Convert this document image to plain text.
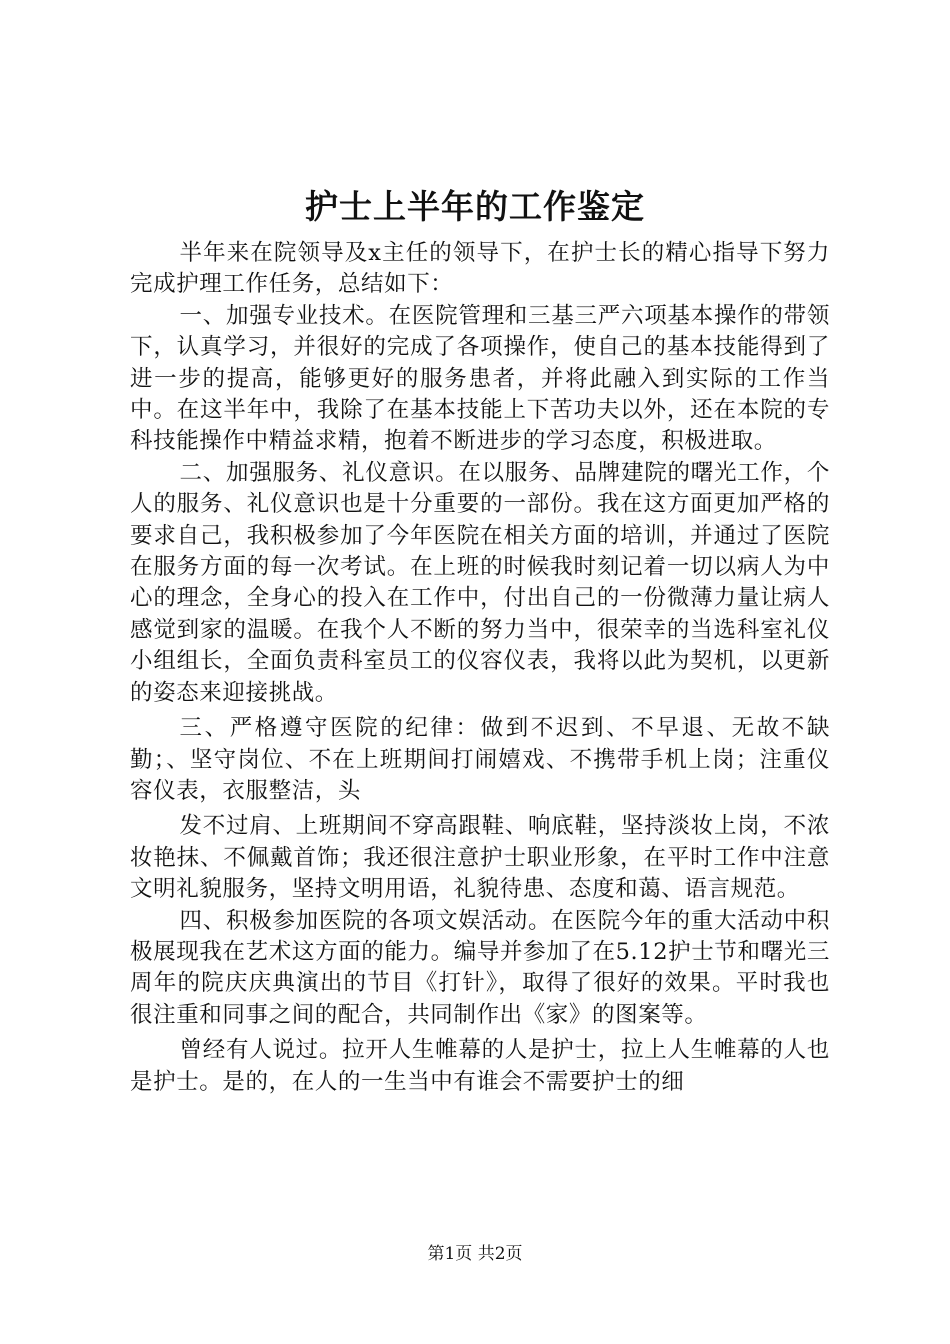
护士上半年的工作鉴定

半年来在院领导及x主任的领导下，在护士长的精心指导下努力完成护理工作任务，总结如下：

一、加强专业技术。在医院管理和三基三严六项基本操作的带领下，认真学习，并很好的完成了各项操作，使自己的基本技能得到了进一步的提高，能够更好的服务患者，并将此融入到实际的工作当中。在这半年中，我除了在基本技能上下苦功夫以外，还在本院的专科技能操作中精益求精，抱着不断进步的学习态度，积极进取。

二、加强服务、礼仪意识。在以服务、品牌建院的曙光工作，个人的服务、礼仪意识也是十分重要的一部份。我在这方面更加严格的要求自己，我积极参加了今年医院在相关方面的培训，并通过了医院在服务方面的每一次考试。在上班的时候我时刻记着一切以病人为中心的理念，全身心的投入在工作中，付出自己的一份微薄力量让病人感觉到家的温暖。在我个人不断的努力当中，很荣幸的当选科室礼仪小组组长，全面负责科室员工的仪容仪表，我将以此为契机，以更新的姿态来迎接挑战。

三、严格遵守医院的纪律：做到不迟到、不早退、无故不缺勤；、坚守岗位、不在上班期间打闹嬉戏、不携带手机上岗；注重仪容仪表，衣服整洁，头

发不过肩、上班期间不穿高跟鞋、响底鞋，坚持淡妆上岗，不浓妆艳抹、不佩戴首饰；我还很注意护士职业形象，在平时工作中注意文明礼貌服务，坚持文明用语，礼貌待患、态度和蔼、语言规范。

四、积极参加医院的各项文娱活动。在医院今年的重大活动中积极展现我在艺术这方面的能力。编导并参加了在5.12护士节和曙光三周年的院庆庆典演出的节目《打针》，取得了很好的效果。平时我也很注重和同事之间的配合，共同制作出《家》的图案等。

曾经有人说过。拉开人生帷幕的人是护士，拉上人生帷幕的人也是护士。是的，在人的一生当中有谁会不需要护士的细

第1页 共2页
